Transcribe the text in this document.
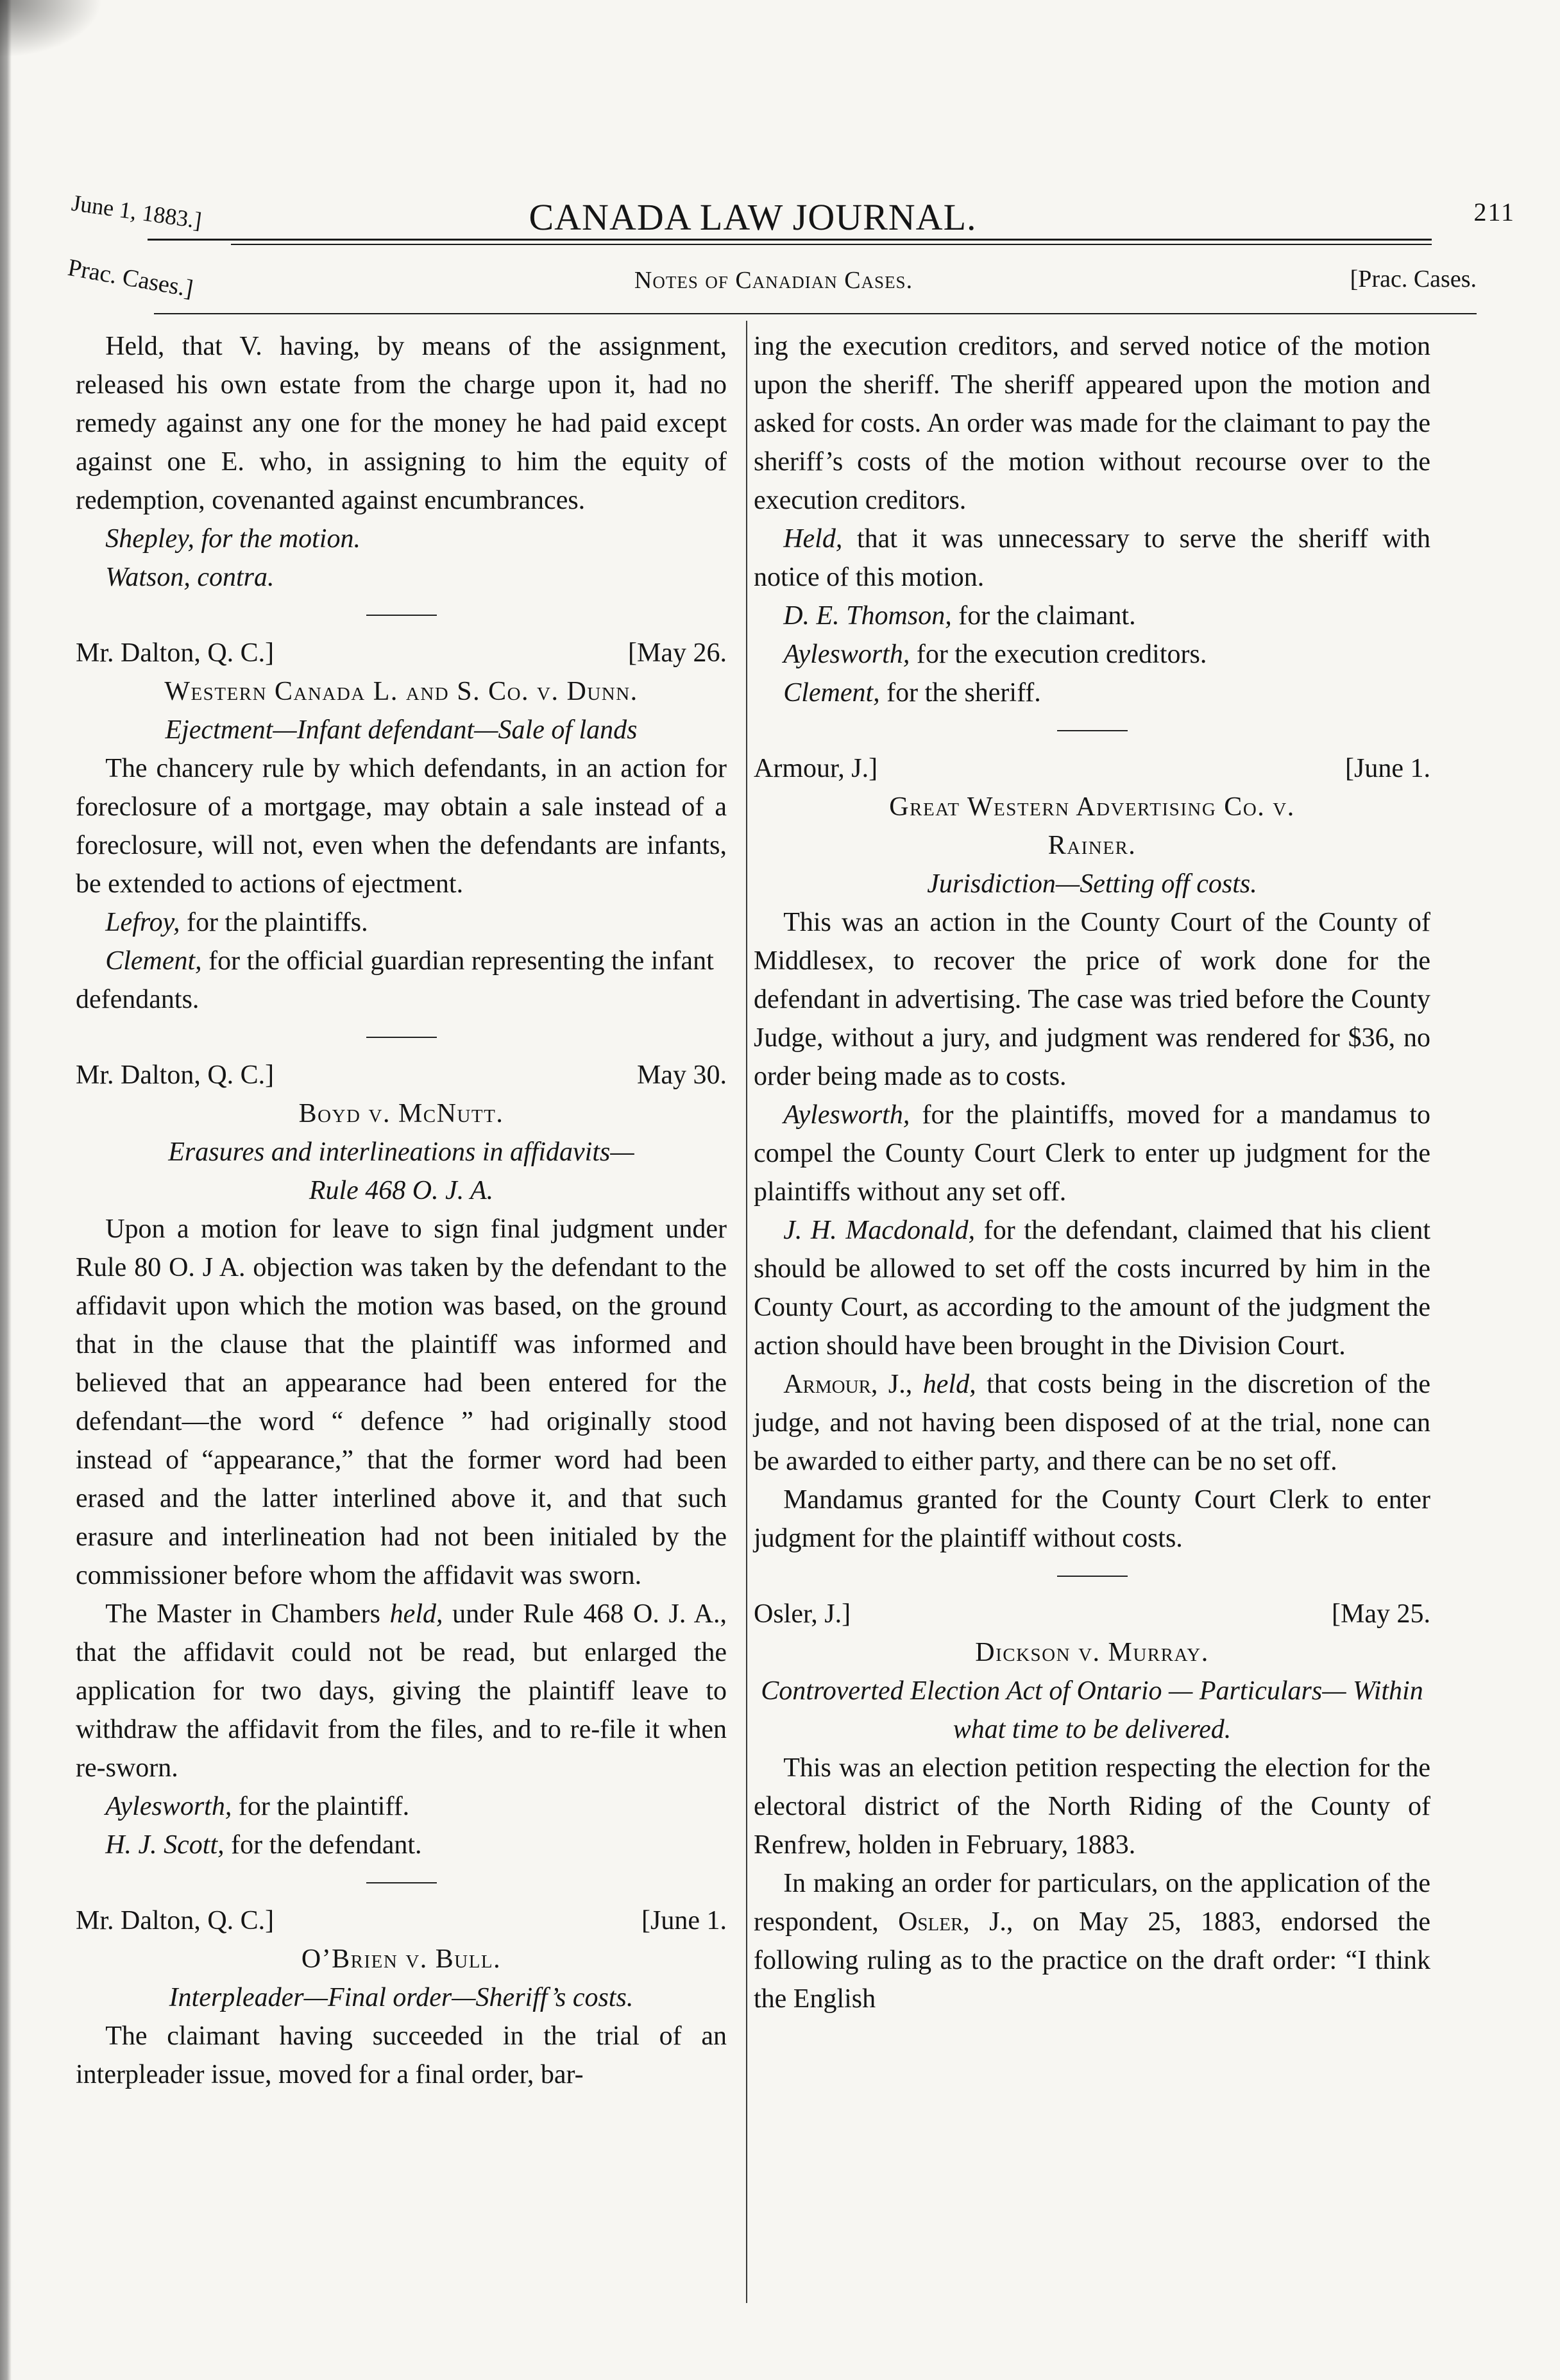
June 1, 1883.]	CANADA LAW JOURNAL.	211
Prac. Cases.]	Notes of Canadian Cases.	[Prac. Cases.

Held, that V. having, by means of the assignment, released his own estate from the charge upon it, had no remedy against any one for the money he had paid except against one E. who, in assigning to him the equity of redemption, covenanted against encumbrances.

Shepley, for the motion.

Watson, contra.

Mr. Dalton, Q. C.]	[May 26.

Western Canada L. and S. Co. v. Dunn.

Ejectment—Infant defendant—Sale of lands

The chancery rule by which defendants, in an action for foreclosure of a mortgage, may obtain a sale instead of a foreclosure, will not, even when the defendants are infants, be extended to actions of ejectment.

Lefroy, for the plaintiffs.

Clement, for the official guardian representing the infant defendants.

Mr. Dalton, Q. C.]	May 30.

Boyd v. McNutt.

Erasures and interlineations in affidavits—

Rule 468 O. J. A.

Upon a motion for leave to sign final judgment under Rule 80 O. J A. objection was taken by the defendant to the affidavit upon which the motion was based, on the ground that in the clause that the plaintiff was informed and believed that an appearance had been entered for the defendant—the word “ defence ” had originally stood instead of “appearance,” that the former word had been erased and the latter interlined above it, and that such erasure and interlineation had not been initialed by the commissioner before whom the affidavit was sworn.

The Master in Chambers held, under Rule 468 O. J. A., that the affidavit could not be read, but enlarged the application for two days, giving the plaintiff leave to withdraw the affidavit from the files, and to re-file it when re-sworn.

Aylesworth, for the plaintiff.

H. J. Scott, for the defendant.

Mr. Dalton, Q. C.]	[June 1.

O’Brien v. Bull.

Interpleader—Final order—Sheriff’s costs.

The claimant having succeeded in the trial of an interpleader issue, moved for a final order, bar-

ing the execution creditors, and served notice of the motion upon the sheriff. The sheriff appeared upon the motion and asked for costs. An order was made for the claimant to pay the sheriff’s costs of the motion without recourse over to the execution creditors.

Held, that it was unnecessary to serve the sheriff with notice of this motion.

D. E. Thomson, for the claimant.

Aylesworth, for the execution creditors.

Clement, for the sheriff.

Armour, J.]	[June 1.

Great Western Advertising Co. v.

Rainer.

Jurisdiction—Setting off costs.

This was an action in the County Court of the County of Middlesex, to recover the price of work done for the defendant in advertising. The case was tried before the County Judge, without a jury, and judgment was rendered for $36, no order being made as to costs.

Aylesworth, for the plaintiffs, moved for a mandamus to compel the County Court Clerk to enter up judgment for the plaintiffs without any set off.

J. H. Macdonald, for the defendant, claimed that his client should be allowed to set off the costs incurred by him in the County Court, as according to the amount of the judgment the action should have been brought in the Division Court.

Armour, J., held, that costs being in the discretion of the judge, and not having been disposed of at the trial, none can be awarded to either party, and there can be no set off.

Mandamus granted for the County Court Clerk to enter judgment for the plaintiff without costs.

Osler, J.]	[May 25.

Dickson v. Murray.

Controverted Election Act of Ontario — Particulars— Within what time to be delivered.

This was an election petition respecting the election for the electoral district of the North Riding of the County of Renfrew, holden in February, 1883.

In making an order for particulars, on the application of the respondent, Osler, J., on May 25, 1883, endorsed the following ruling as to the practice on the draft order: “I think the English
